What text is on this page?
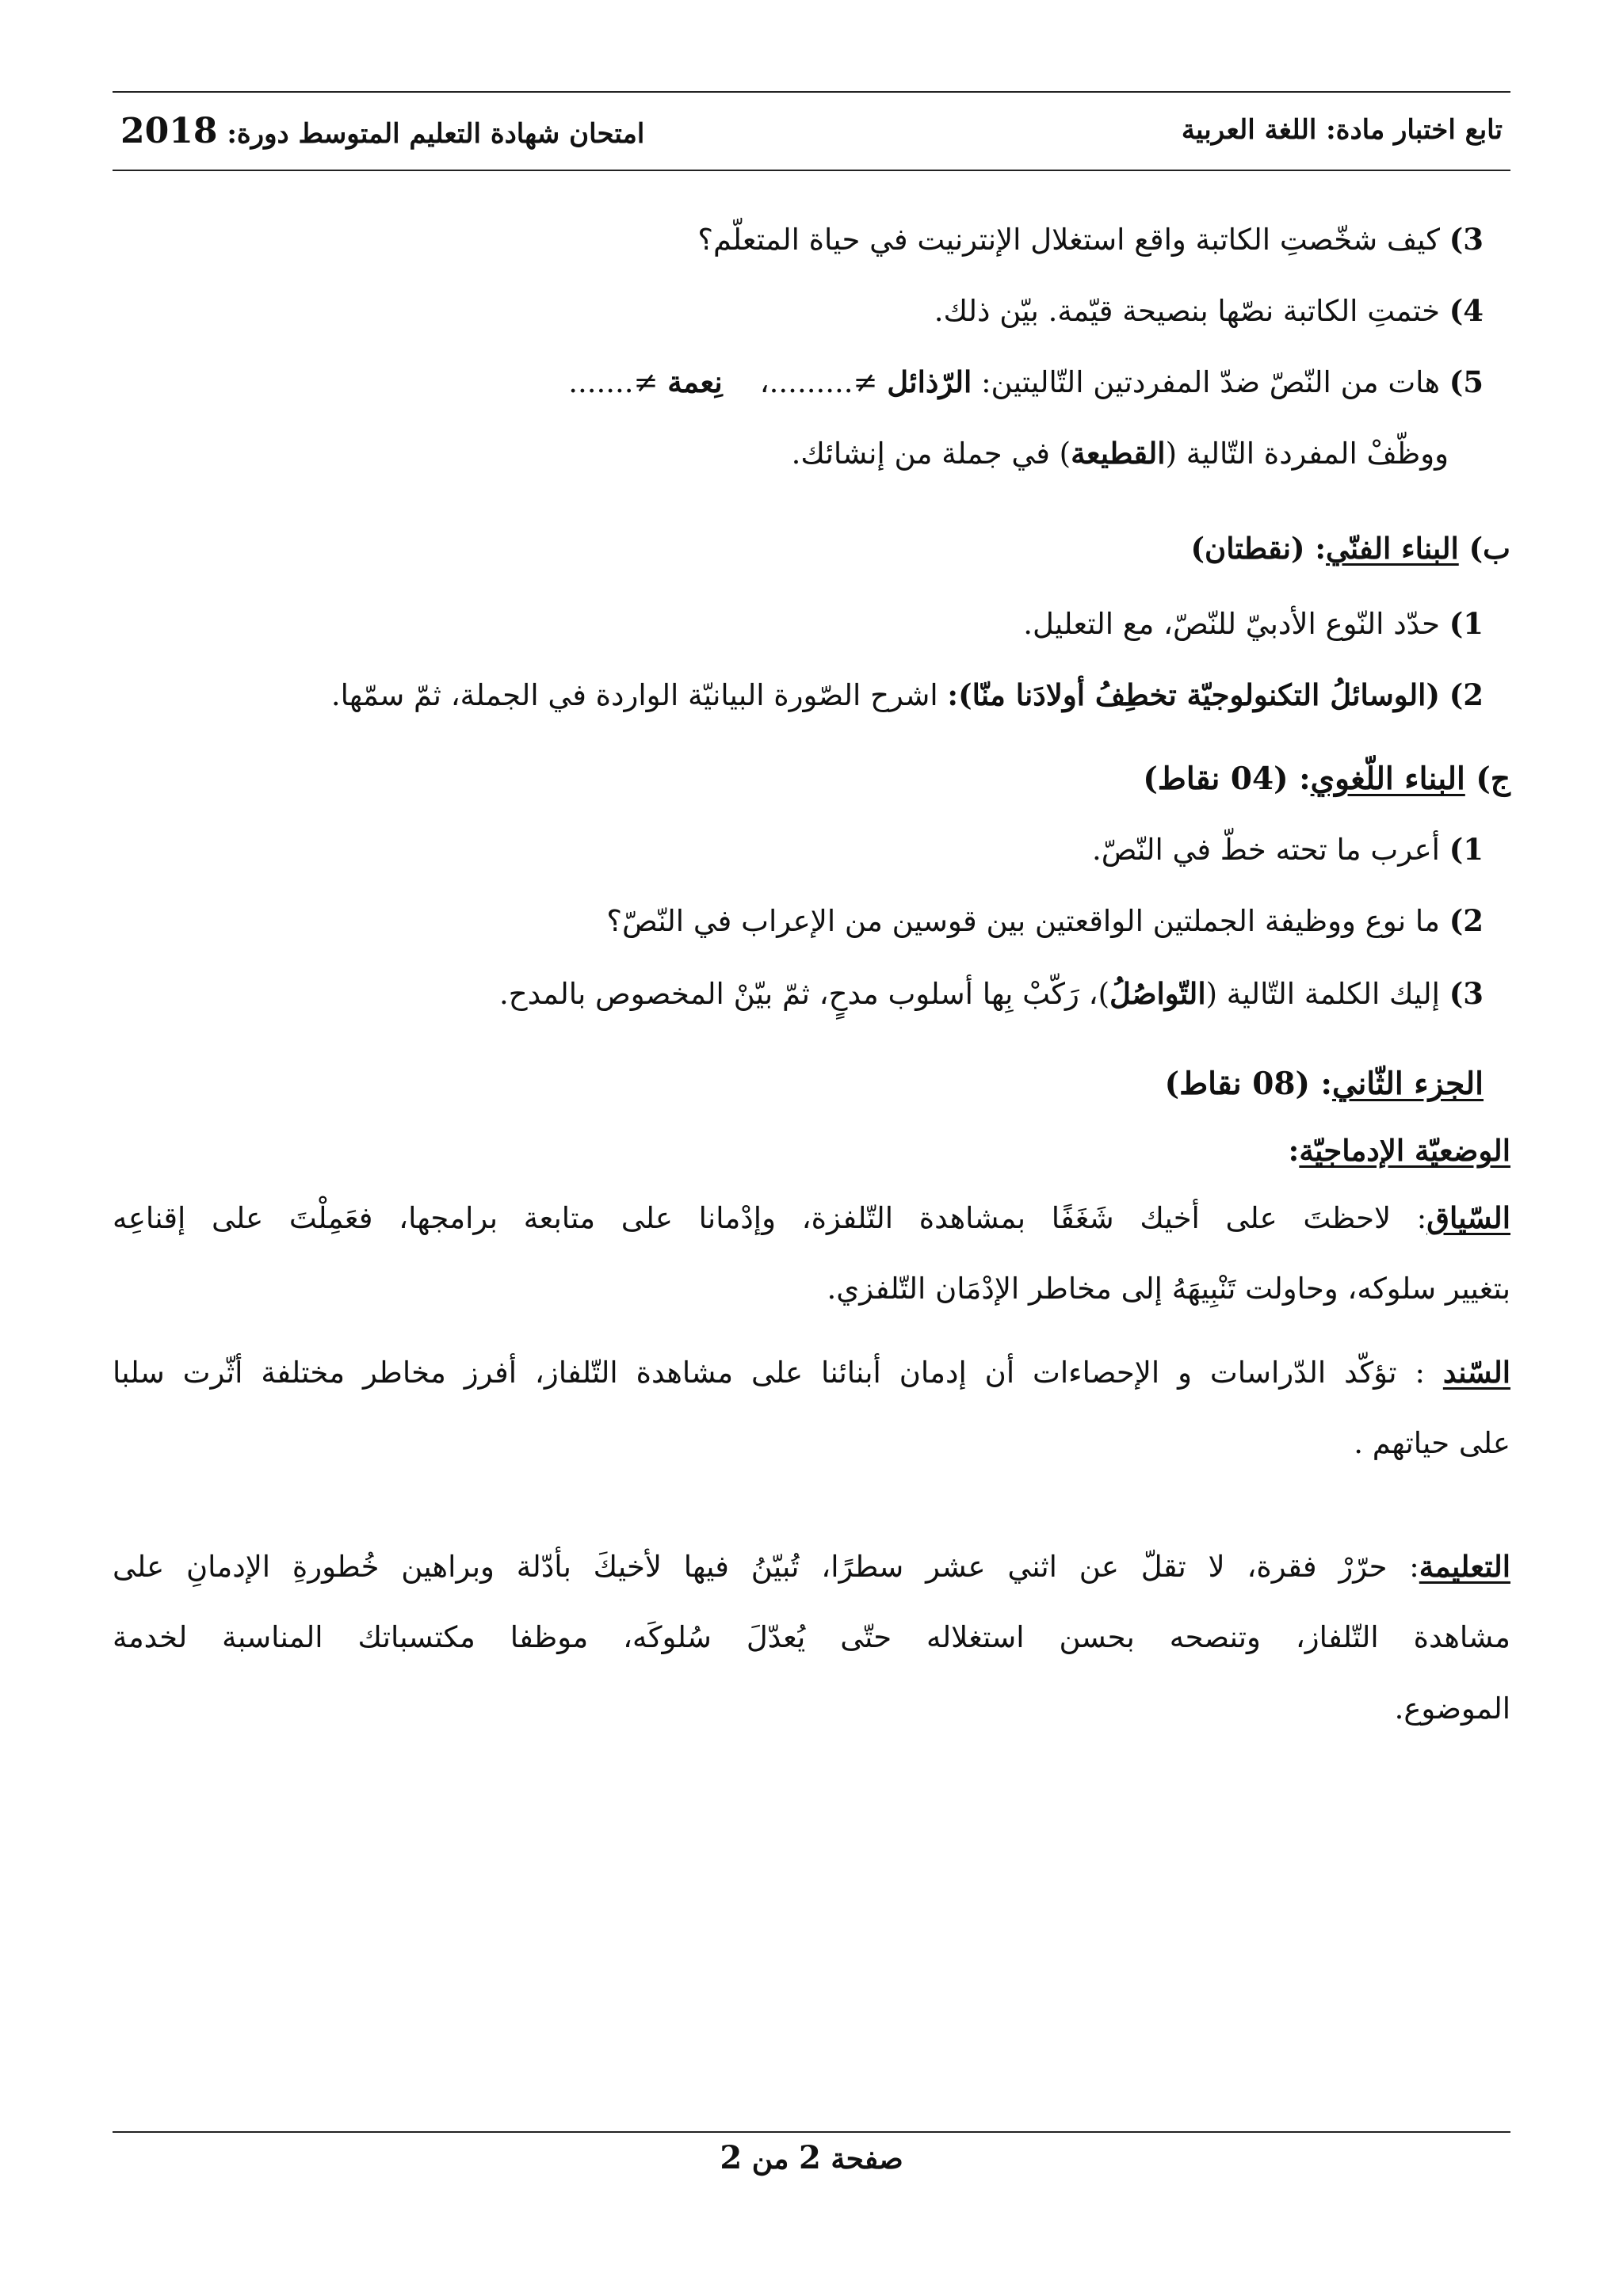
تابع اختبار مادة: اللغة العربية
امتحان شهادة التعليم المتوسط دورة: 2018
3) كيف شخّصتِ الكاتبة واقع استغلال الإنترنيت في حياة المتعلّم؟
4) ختمتِ الكاتبة نصّها بنصيحة قيّمة. بيّن ذلك.
5) هات من النّصّ ضدّ المفردتين التّاليتين: الرّذائل ≠.........،    نِعمة ≠.......
ووظّفْ المفردة التّالية (القطيعة) في جملة من إنشائك.
ب) البناء الفنّي: (نقطتان)
1) حدّد النّوع الأدبيّ للنّصّ، مع التعليل.
2) (الوسائلُ التكنولوجيّة تخطِفُ أولادَنا منّا): اشرح الصّورة البيانيّة الواردة في الجملة، ثمّ سمّها.
ج) البناء اللّغوي: (04 نقاط)
1) أعرب ما تحته خطّ في النّصّ.
2) ما نوع ووظيفة الجملتين الواقعتين بين قوسين من الإعراب في النّصّ؟
3) إليك الكلمة التّالية (التّواصُلُ)، رَكّبْ بِها أسلوب مدحٍ، ثمّ بيّنْ المخصوص بالمدح.
الجزء الثّاني: (08 نقاط)
الوضعيّة الإدماجيّة:
السّياق: لاحظتَ على أخيك شَغَفًا بمشاهدة التّلفزة، وإدْمانا على متابعة برامجها، فعَمِلْتَ على إقناعِه
بتغيير سلوكه، وحاولت تَنْبِيهَهُ إلى مخاطر الإدْمَان التّلفزي.
السّند : تؤكّد الدّراسات و الإحصاءات أن إدمان أبنائنا على مشاهدة التّلفاز، أفرز مخاطر مختلفة أثّرت سلبا
على حياتهم .
التعليمة: حرّرْ فقرة، لا تقلّ عن اثني عشر سطرًا، تُبيّنُ فيها لأخيكَ بأدّلة وبراهين خُطورةِ الإدمانِ على
مشاهدة التّلفاز، وتنصحه بحسن استغلاله حتّى يُعدّلَ سُلوكَه، موظفا مكتسباتك المناسبة لخدمة
الموضوع.
صفحة 2 من 2
